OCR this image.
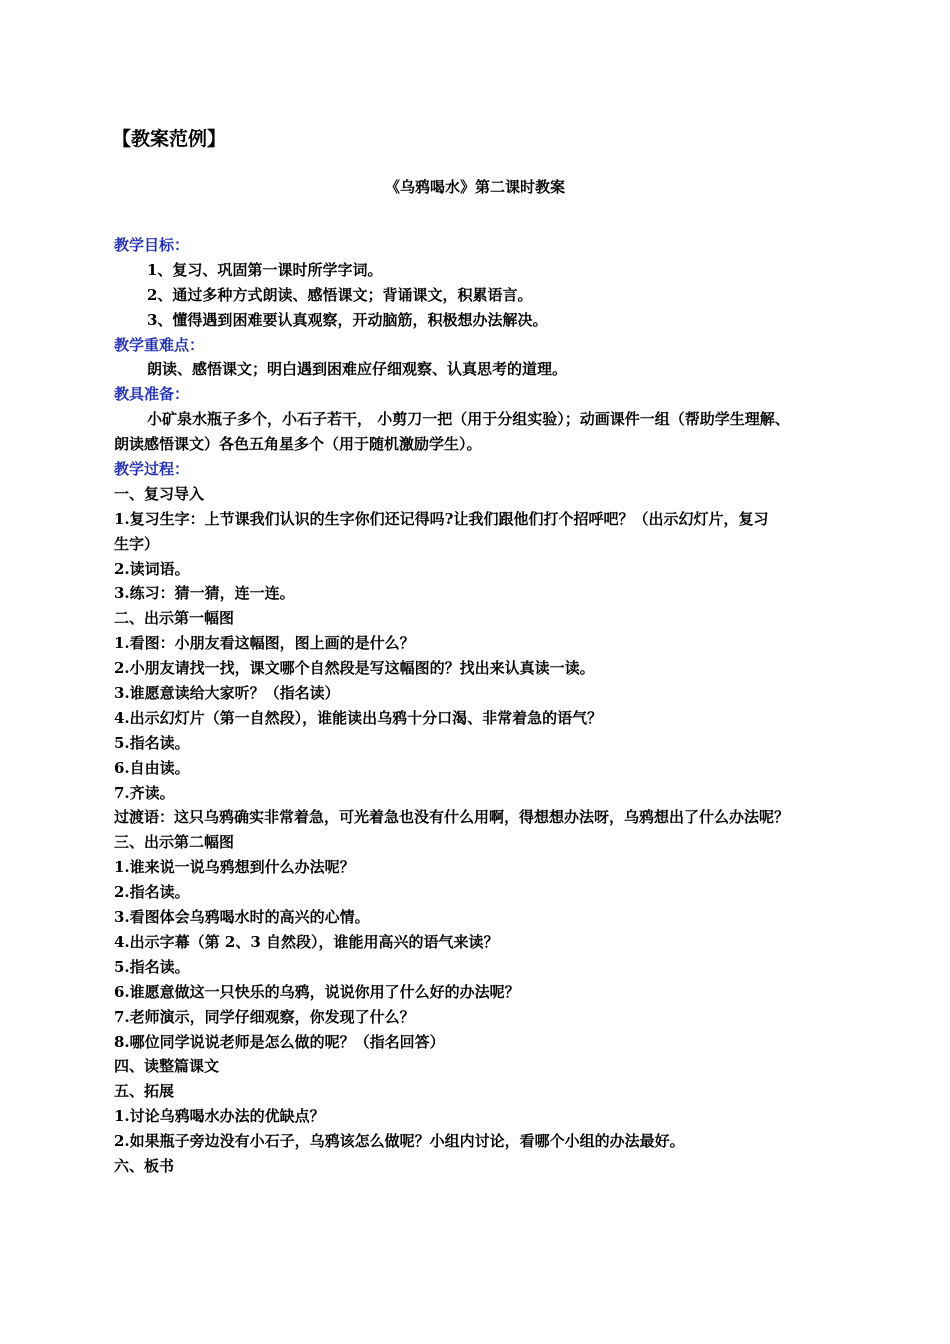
【教案范例】
《乌鸦喝水》第二课时教案
教学目标：
1、复习、巩固第一课时所学字词。
2、通过多种方式朗读、感悟课文；背诵课文，积累语言。
3、懂得遇到困难要认真观察，开动脑筋，积极想办法解决。
教学重难点：
朗读、感悟课文；明白遇到困难应仔细观察、认真思考的道理。
教具准备：
小矿泉水瓶子多个，小石子若干， 小剪刀一把（用于分组实验）；动画课件一组（帮助学生理解、
朗读感悟课文）各色五角星多个（用于随机激励学生）。
教学过程：
一、复习导入
1.复习生字：上节课我们认识的生字你们还记得吗?让我们跟他们打个招呼吧？（出示幻灯片，复习
生字）
2.读词语。
3.练习：猜一猜，连一连。
二、出示第一幅图
1.看图：小朋友看这幅图，图上画的是什么？
2.小朋友请找一找，课文哪个自然段是写这幅图的？找出来认真读一读。
3.谁愿意读给大家听？（指名读）
4.出示幻灯片（第一自然段），谁能读出乌鸦十分口渴、非常着急的语气？
5.指名读。
6.自由读。
7.齐读。
过渡语：这只乌鸦确实非常着急，可光着急也没有什么用啊，得想想办法呀，乌鸦想出了什么办法呢？
三、出示第二幅图
1.谁来说一说乌鸦想到什么办法呢？
2.指名读。
3.看图体会乌鸦喝水时的高兴的心情。
4.出示字幕（第 2、3 自然段），谁能用高兴的语气来读？
5.指名读。
6.谁愿意做这一只快乐的乌鸦，说说你用了什么好的办法呢？
7.老师演示，同学仔细观察，你发现了什么？
8.哪位同学说说老师是怎么做的呢？（指名回答）
四、读整篇课文
五、拓展
1.讨论乌鸦喝水办法的优缺点？
2.如果瓶子旁边没有小石子，乌鸦该怎么做呢？小组内讨论，看哪个小组的办法最好。
六、板书
